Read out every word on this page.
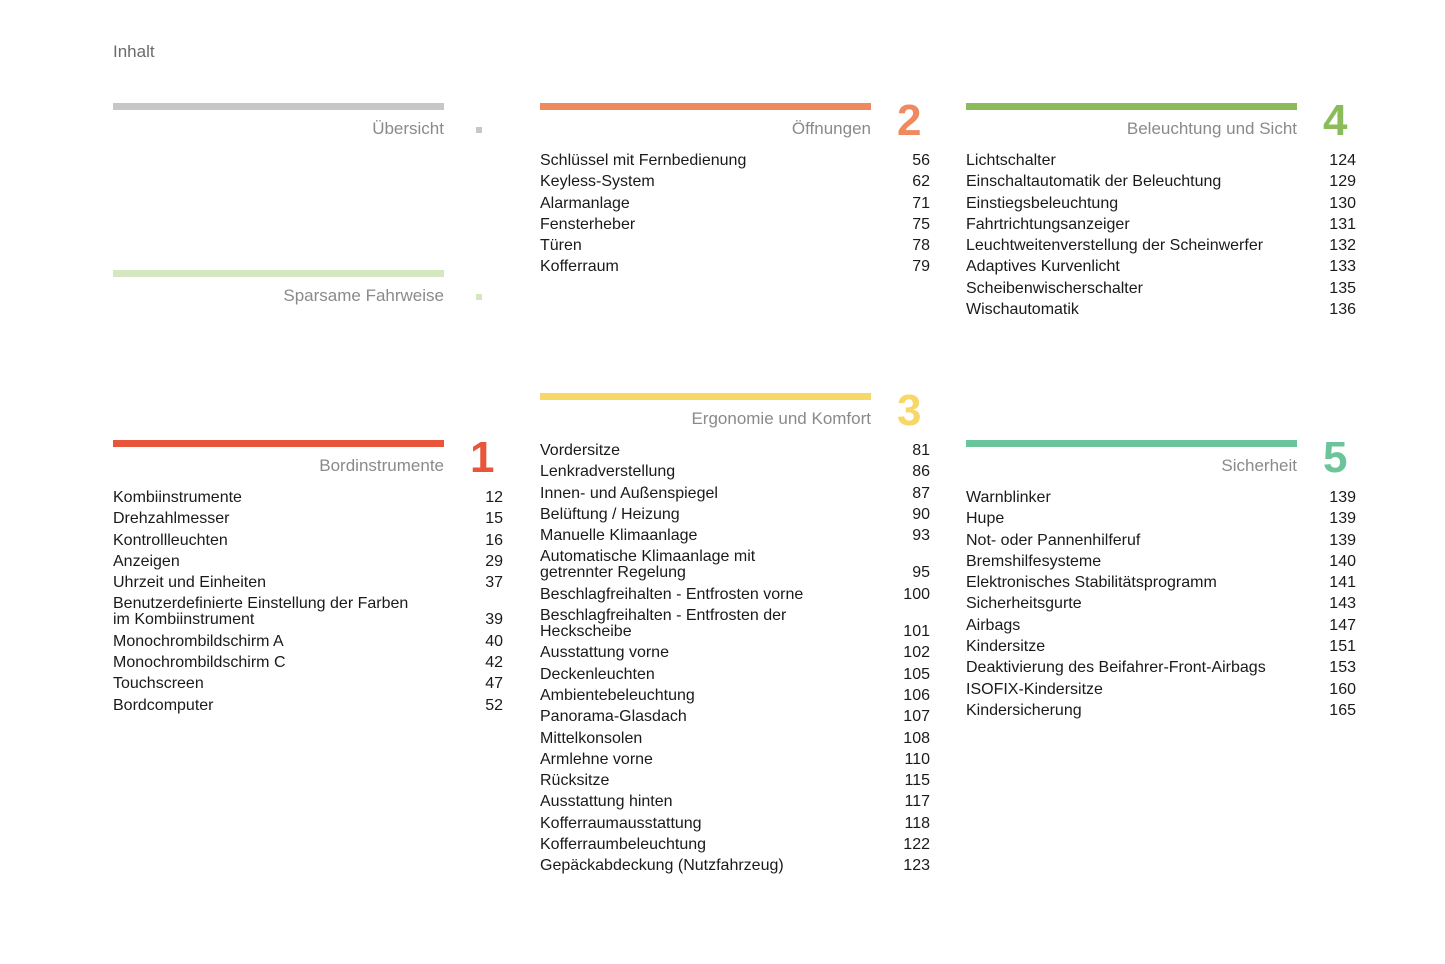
Inhalt
Übersicht
Sparsame Fahrweise
Bordinstrumente 1
Kombiinstrumente	12
Drehzahlmesser	15
Kontrollleuchten	16
Anzeigen	29
Uhrzeit und Einheiten	37
Benutzerdefinierte Einstellung der Farben
im Kombiinstrument	39
Monochrombildschirm A	40
Monochrombildschirm C	42
Touchscreen	47
Bordcomputer	52
Öffnungen 2
Schlüssel mit Fernbedienung	56
Keyless-System	62
Alarmanlage	71
Fensterheber	75
Türen	78
Kofferraum	79
Ergonomie und Komfort 3
Vordersitze	81
Lenkradverstellung	86
Innen- und Außenspiegel	87
Belüftung / Heizung	90
Manuelle Klimaanlage	93
Automatische Klimaanlage mit
getrennter Regelung	95
Beschlagfreihalten - Entfrosten vorne	100
Beschlagfreihalten - Entfrosten der
Heckscheibe	101
Ausstattung vorne	102
Deckenleuchten	105
Ambientebeleuchtung	106
Panorama-Glasdach	107
Mittelkonsolen	108
Armlehne vorne	110
Rücksitze	115
Ausstattung hinten	117
Kofferraumausstattung	118
Kofferraumbeleuchtung	122
Gepäckabdeckung (Nutzfahrzeug)	123
Beleuchtung und Sicht 4
Lichtschalter	124
Einschaltautomatik der Beleuchtung	129
Einstiegsbeleuchtung	130
Fahrtrichtungsanzeiger	131
Leuchtweitenverstellung der Scheinwerfer	132
Adaptives Kurvenlicht	133
Scheibenwischerschalter	135
Wischautomatik	136
Sicherheit 5
Warnblinker	139
Hupe	139
Not- oder Pannenhilferuf	139
Bremshilfesysteme	140
Elektronisches Stabilitätsprogramm	141
Sicherheitsgurte	143
Airbags	147
Kindersitze	151
Deaktivierung des Beifahrer-Front-Airbags	153
ISOFIX-Kindersitze	160
Kindersicherung	165
